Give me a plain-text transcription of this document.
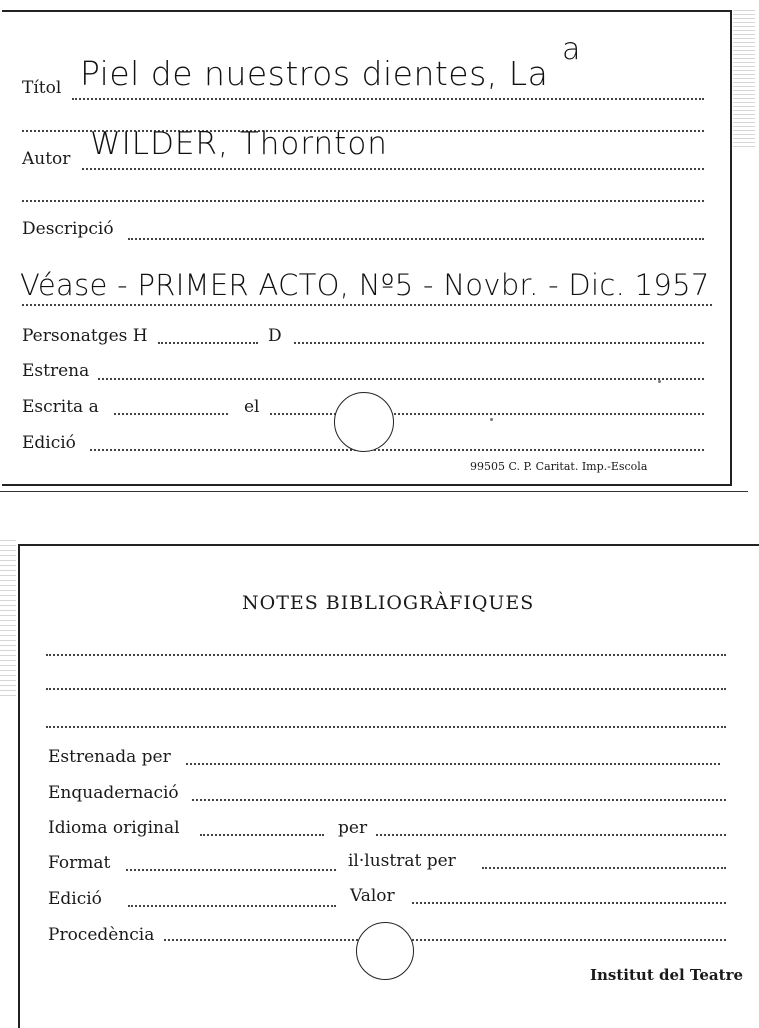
Títol Piel de nuestros dientes, La
a
Autor WILDER, Thornton
Descripció
Véase - PRIMER ACTO, Nº5 - Novbr. - Dic. 1957
Personatges H	D
Estrena
Escrita a	el
Edició
99505 C. P. Caritat. Imp.-Escola
NOTES BIBLIOGRÀFIQUES
Estrenada per
Enquadernació
Idioma original	per
Format	il·lustrat per
Edició	Valor
Procedència
Institut del Teatre
